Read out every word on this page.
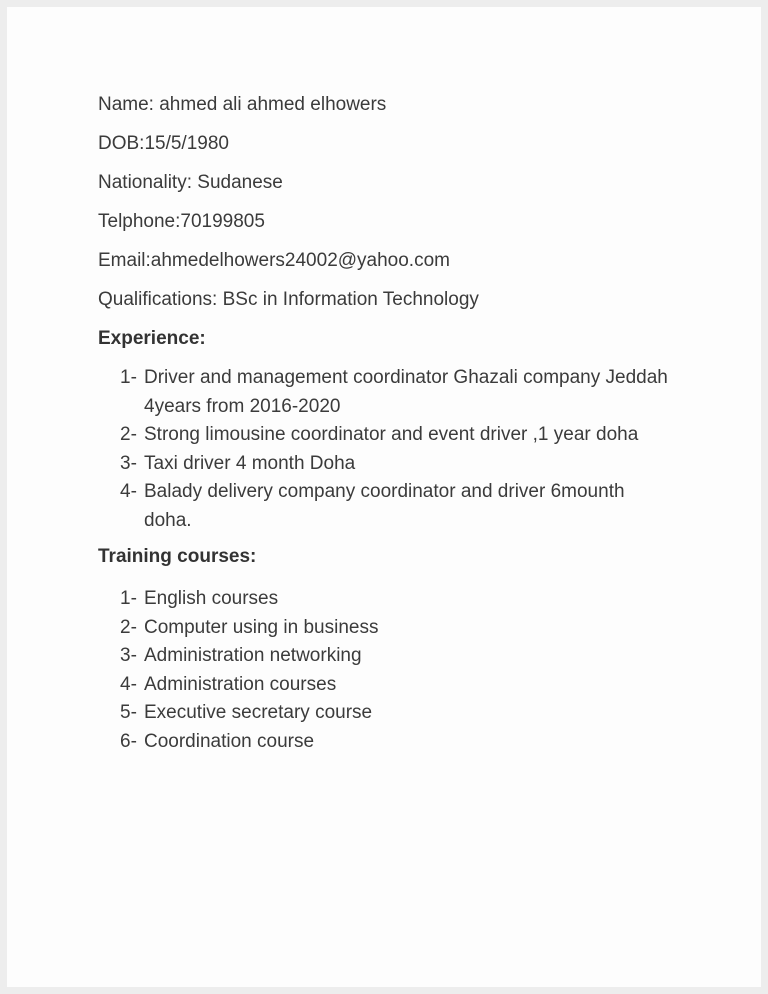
Name: ahmed ali ahmed elhowers

DOB:15/5/1980

Nationality: Sudanese

Telphone:70199805

Email:ahmedelhowers24002@yahoo.com

Qualifications: BSc in Information Technology

Experience:
1- Driver and management coordinator Ghazali company Jeddah
4years from 2016-2020
2- Strong limousine coordinator and event driver ,1 year doha
3- Taxi driver 4 month Doha
4- Balady delivery company coordinator and driver 6mounth
doha.
Training courses:
1- English courses
2- Computer using in business
3- Administration networking
4- Administration courses
5- Executive secretary course
6- Coordination course
